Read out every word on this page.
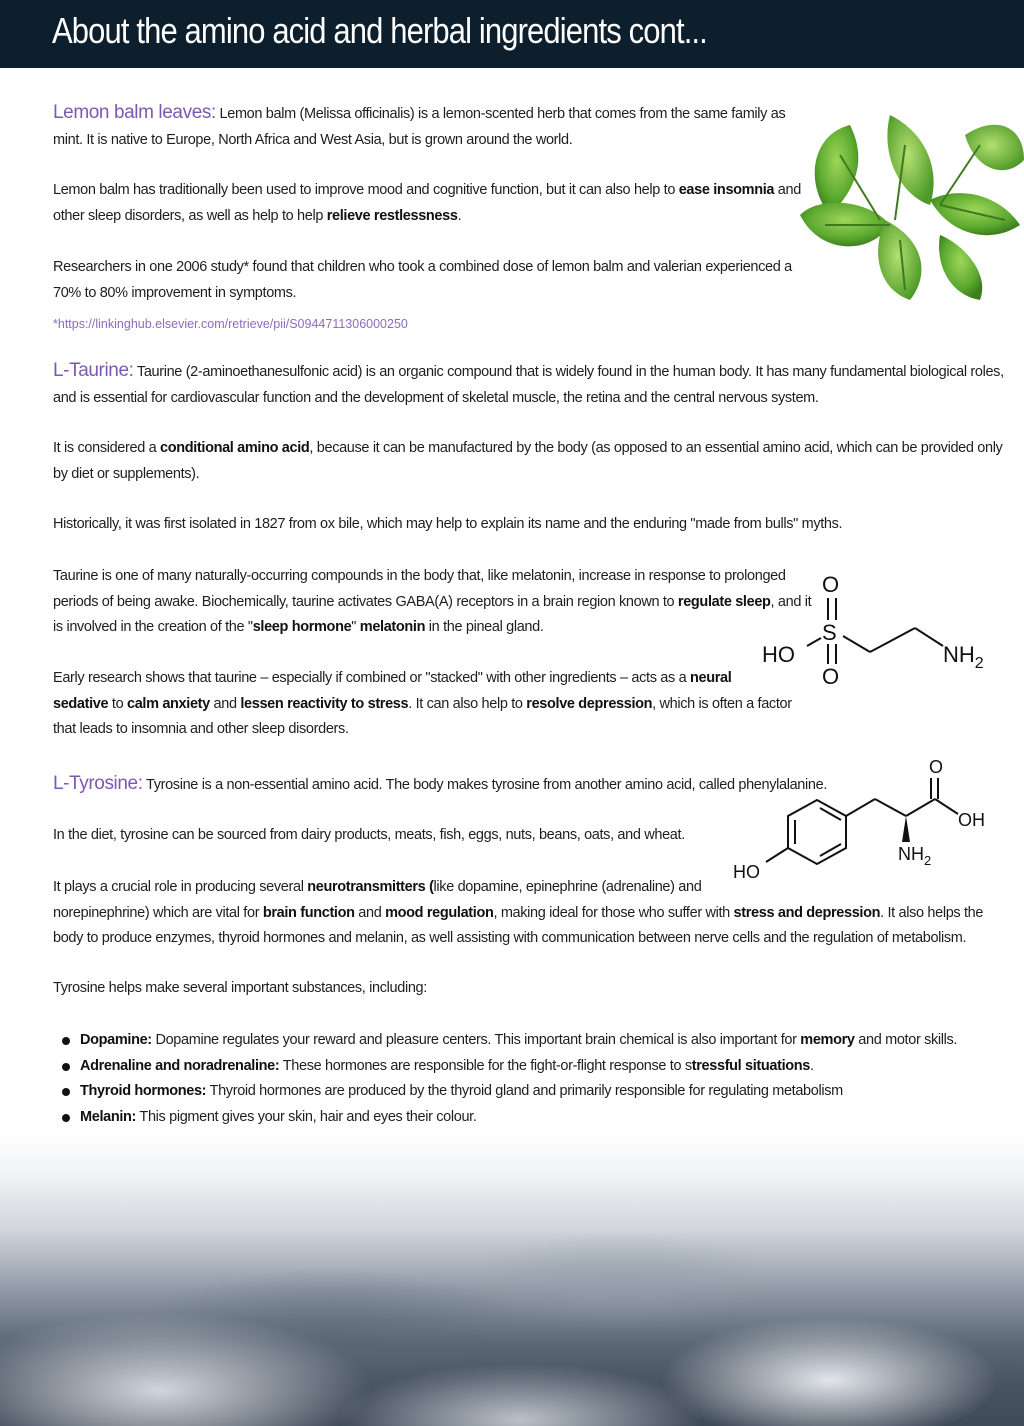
About the amino acid and herbal ingredients cont...
Lemon balm leaves: Lemon balm (Melissa officinalis) is a lemon-scented herb that comes from the same family as
mint. It is native to Europe, North Africa and West Asia, but is grown around the world.
Lemon balm has traditionally been used to improve mood and cognitive function, but it can also help to ease insomnia and
other sleep disorders, as well as help to help relieve restlessness.
Researchers in one 2006 study* found that children who took a combined dose of lemon balm and valerian experienced a
70% to 80% improvement in symptoms.
*https://linkinghub.elsevier.com/retrieve/pii/S0944711306000250
L-Taurine: Taurine (2-aminoethanesulfonic acid) is an organic compound that is widely found in the human body. It has many fundamental biological roles,
and is essential for cardiovascular function and the development of skeletal muscle, the retina and the central nervous system.
It is considered a conditional amino acid, because it can be manufactured by the body (as opposed to an essential amino acid, which can be provided only
by diet or supplements).
Historically, it was first isolated in 1827 from ox bile, which may help to explain its name and the enduring "made from bulls" myths.
Taurine is one of many naturally-occurring compounds in the body that, like melatonin, increase in response to prolonged
periods of being awake. Biochemically, taurine activates GABA(A) receptors in a brain region known to regulate sleep, and it
is involved in the creation of the "sleep hormone" melatonin in the pineal gland.
Early research shows that taurine – especially if combined or "stacked" with other ingredients – acts as a neural
sedative to calm anxiety and lessen reactivity to stress. It can also help to resolve depression, which is often a factor
that leads to insomnia and other sleep disorders.
O
S
O
HO	$NH_2$
L-Tyrosine: Tyrosine is a non-essential amino acid. The body makes tyrosine from another amino acid, called phenylalanine.
In the diet, tyrosine can be sourced from dairy products, meats, fish, eggs, nuts, beans, oats, and wheat.
It plays a crucial role in producing several neurotransmitters (like dopamine, epinephrine (adrenaline) and
norepinephrine) which are vital for brain function and mood regulation, making ideal for those who suffer with stress and depression. It also helps the
body to produce enzymes, thyroid hormones and melanin, as well assisting with communication between nerve cells and the regulation of metabolism.
Tyrosine helps make several important substances, including:
O
OH
HO
$NH_2$
Dopamine: Dopamine regulates your reward and pleasure centers. This important brain chemical is also important for memory and motor skills.
Adrenaline and noradrenaline: These hormones are responsible for the fight-or-flight response to stressful situations.
Thyroid hormones: Thyroid hormones are produced by the thyroid gland and primarily responsible for regulating metabolism
Melanin: This pigment gives your skin, hair and eyes their colour.
